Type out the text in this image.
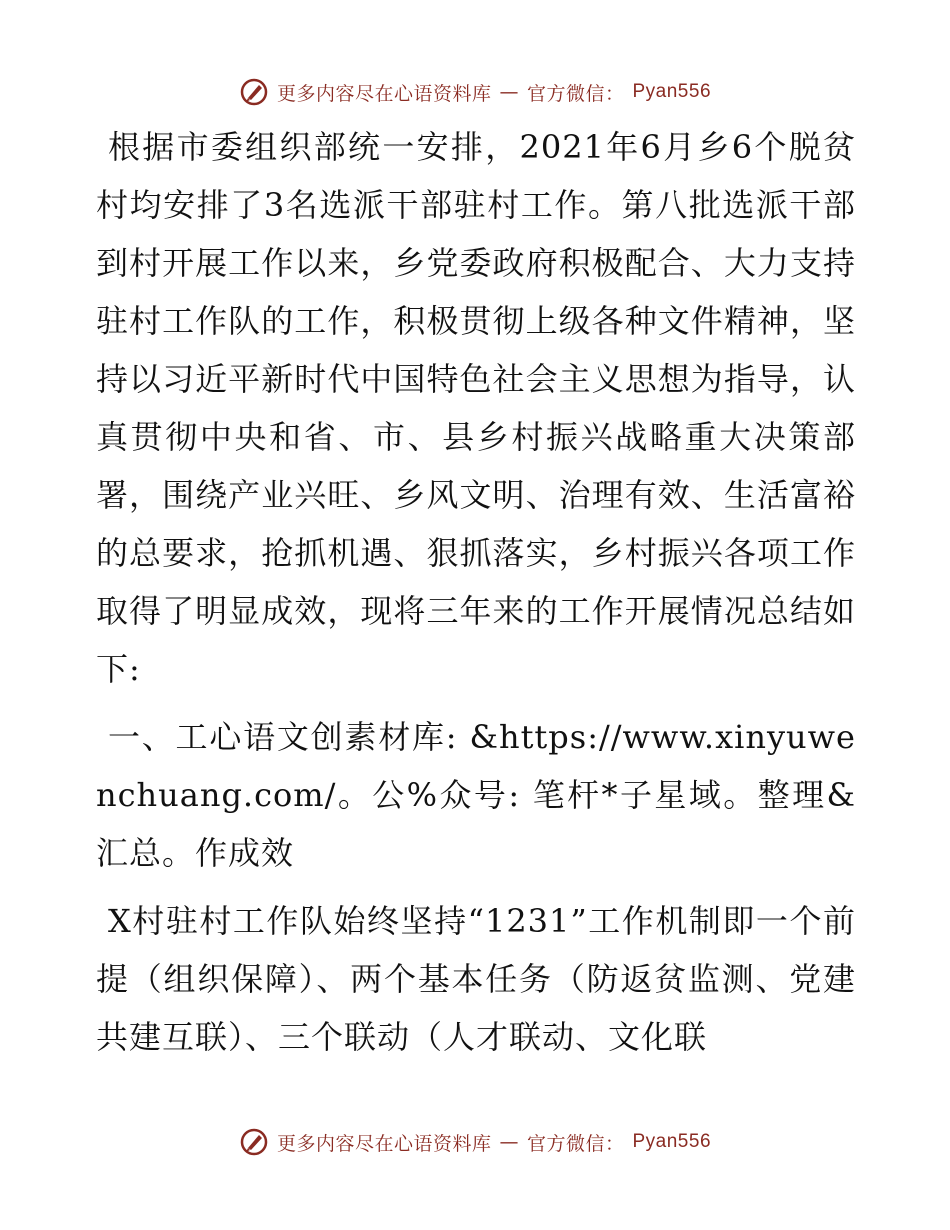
更多内容尽在心语资料库 — 官方微信： Pyan556

根据市委组织部统一安排，2021年6月乡6个脱贫村均安排了3名选派干部驻村工作。第八批选派干部到村开展工作以来，乡党委政府积极配合、大力支持驻村工作队的工作，积极贯彻上级各种文件精神，坚持以习近平新时代中国特色社会主义思想为指导，认真贯彻中央和省、市、县乡村振兴战略重大决策部署，围绕产业兴旺、乡风文明、治理有效、生活富裕的总要求，抢抓机遇、狠抓落实，乡村振兴各项工作取得了明显成效，现将三年来的工作开展情况总结如下:

一、工心语文创素材库: &https://www.xinyuwenchuang.com/。公%众号: 笔杆*子星域。整理&汇总。作成效

X村驻村工作队始终坚持“1231”工作机制即一个前提（组织保障）、两个基本任务（防返贫监测、党建共建互联）、三个联动（人才联动、文化联

更多内容尽在心语资料库 — 官方微信： Pyan556
